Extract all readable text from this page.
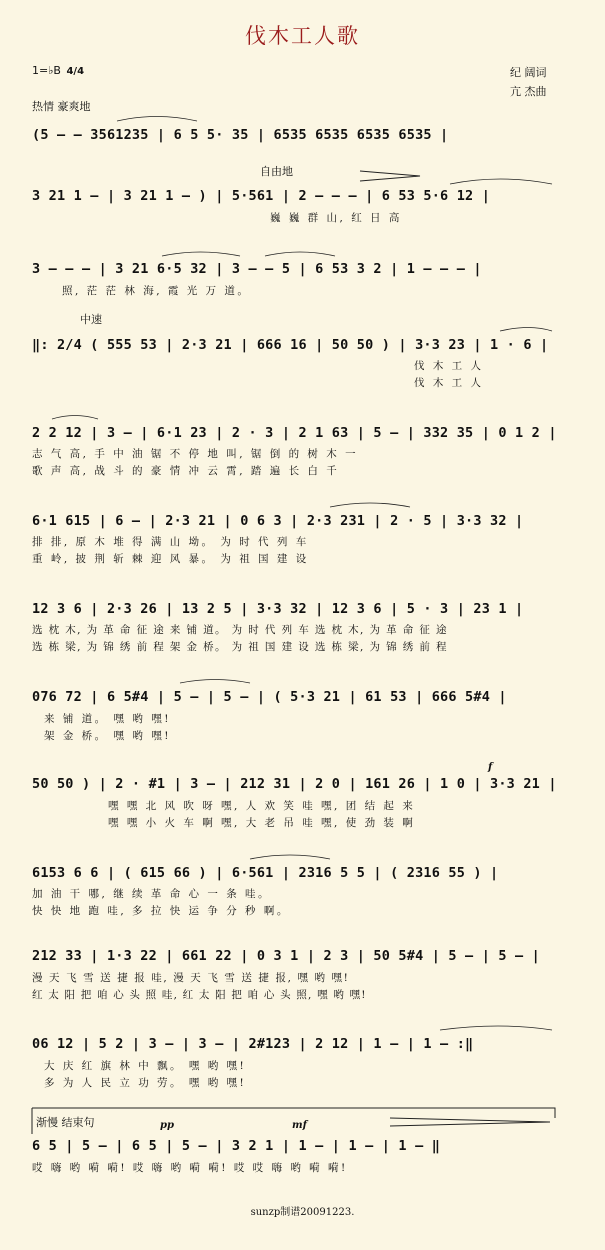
伐木工人歌
1=♭B 4/4	纪 阔词
亢 杰曲
热情 豪爽地
自由地
中速
(5 – – 3561235 | 6 5 5· 35 | 6535 6535 6535 6535 |
3 21 1 – | 3 21 1 – ) | 5·561 | 2 – – – | 6 53 5·6 12 |
巍 巍 群 山, 红 日 高
3 – – – | 3 21 6·5 32 | 3 – – 5 | 6 53 3 2 | 1 – – – |
照, 茫 茫 林 海, 霞 光 万 道。
‖: 2/4 ( 555 53 | 2·3 21 | 666 16 | 50 50 ) | 3·3 23 | 1 · 6 |
伐 木 工 人
伐 木 工 人
2 2 12 | 3 – | 6·1 23 | 2 · 3 | 2 1 63 | 5 – | 332 35 | 0 1 2 |
志 气 高, 手 中 油 锯 不 停 地 叫, 锯 倒 的 树 木 一
歌 声 高, 战 斗 的 豪 情 冲 云 霄, 踏 遍 长 白 千
6·1 615 | 6 – | 2·3 21 | 0 6 3 | 2·3 231 | 2 · 5 | 3·3 32 |
排 排, 原 木 堆 得 满 山 坳。 为 时 代 列 车
重 岭, 披 荆 斩 棘 迎 风 暴。 为 祖 国 建 设
12 3 6 | 2·3 26 | 13 2 5 | 3·3 32 | 12 3 6 | 5 · 3 | 23 1 |
选 枕 木, 为 革 命 征 途 来 铺 道。 为 时 代 列 车 选 枕 木, 为 革 命 征 途
选 栋 梁, 为 锦 绣 前 程 架 金 桥。 为 祖 国 建 设 选 栋 梁, 为 锦 绣 前 程
076 72 | 6 5#4 | 5 – | 5 – | ( 5·3 21 | 61 53 | 666 5#4 |
来 铺 道。 嘿 哟 嘿!
架 金 桥。 嘿 哟 嘿!
f
50 50 ) | 2 · #1 | 3 – | 212 31 | 2 0 | 161 26 | 1 0 | 3·3 21 |
嘿 嘿 北 风 吹 呀 嘿, 人 欢 笑 哇 嘿, 团 结 起 来
嘿 嘿 小 火 车 啊 嘿, 大 老 吊 哇 嘿, 使 劲 装 啊
6153 6 6 | ( 615 66 ) | 6·561 | 2316 5 5 | ( 2316 55 ) |
加 油 干 哪, 继 续 革 命 心 一 条 哇。
快 快 地 跑 哇, 多 拉 快 运 争 分 秒 啊。
212 33 | 1·3 22 | 661 22 | 0 3 1 | 2 3 | 50 5#4 | 5 – | 5 – |
漫 天 飞 雪 送 捷 报 哇, 漫 天 飞 雪 送 捷 报, 嘿 哟 嘿!
红 太 阳 把 咱 心 头 照 哇, 红 太 阳 把 咱 心 头 照, 嘿 哟 嘿!
06 12 | 5 2 | 3 – | 3 – | 2#123 | 2 12 | 1 – | 1 – :‖
大 庆 红 旗 林 中 飘。 嘿 哟 嘿!
多 为 人 民 立 功 劳。 嘿 哟 嘿!
渐慢 结束句	pp	mf
6 5 | 5 – | 6 5 | 5 – | 3 2 1 | 1 – | 1 – | 1 – ‖
哎 嗨 哟 嗬 嗬! 哎 嗨 哟 嗬 嗬! 哎 哎 嗨 哟 嗬 嗬!
sunzp制谱20091223.
